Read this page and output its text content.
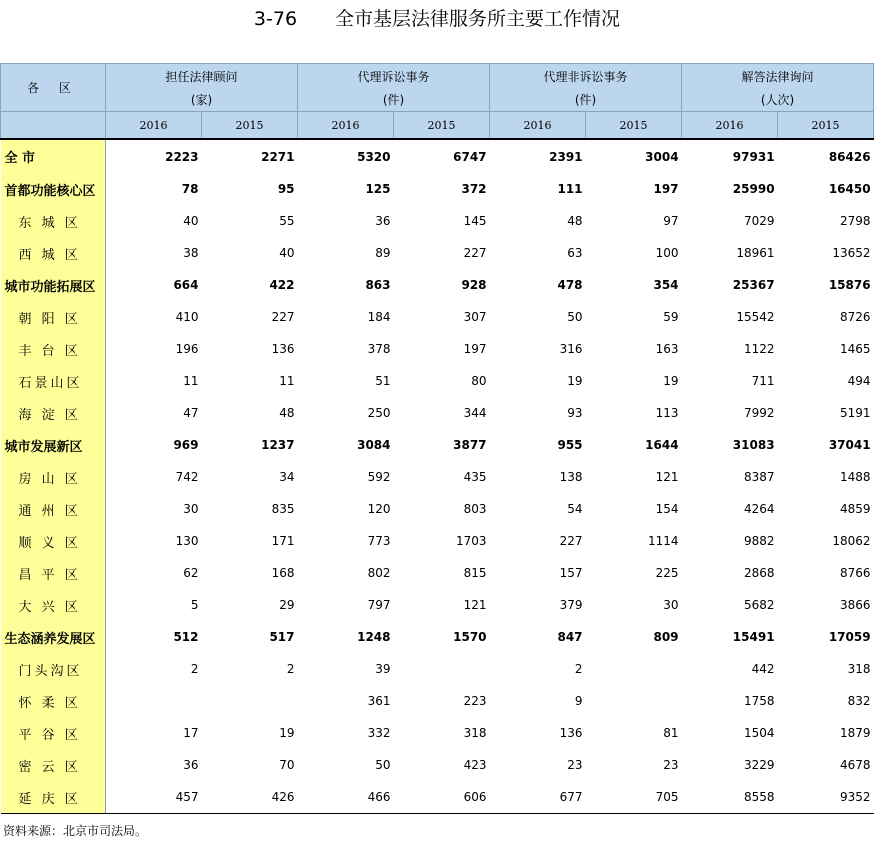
3-76 全市基层法律服务所主要工作情况
各 区	担任法律顾问		代理诉讼事务		代理非诉讼事务		解答法律询问	
	(家)		(件)		(件)		(人次)	
	2016	2015	2016	2015	2016	2015	2016	2015
全 市	2223	2271	5320	6747	2391	3004	97931	86426
首都功能核心区	78	95	125	372	111	197	25990	16450
东 城 区	40	55	36	145	48	97	7029	2798
西 城 区	38	40	89	227	63	100	18961	13652
城市功能拓展区	664	422	863	928	478	354	25367	15876
朝 阳 区	410	227	184	307	50	59	15542	8726
丰 台 区	196	136	378	197	316	163	1122	1465
石景山区	11	11	51	80	19	19	711	494
海 淀 区	47	48	250	344	93	113	7992	5191
城市发展新区	969	1237	3084	3877	955	1644	31083	37041
房 山 区	742	34	592	435	138	121	8387	1488
通 州 区	30	835	120	803	54	154	4264	4859
顺 义 区	130	171	773	1703	227	1114	9882	18062
昌 平 区	62	168	802	815	157	225	2868	8766
大 兴 区	5	29	797	121	379	30	5682	3866
生态涵养发展区	512	517	1248	1570	847	809	15491	17059
门头沟区	2	2	39		2		442	318
怀 柔 区			361	223	9		1758	832
平 谷 区	17	19	332	318	136	81	1504	1879
密 云 区	36	70	50	423	23	23	3229	4678
延 庆 区	457	426	466	606	677	705	8558	9352
资料来源：北京市司法局。
